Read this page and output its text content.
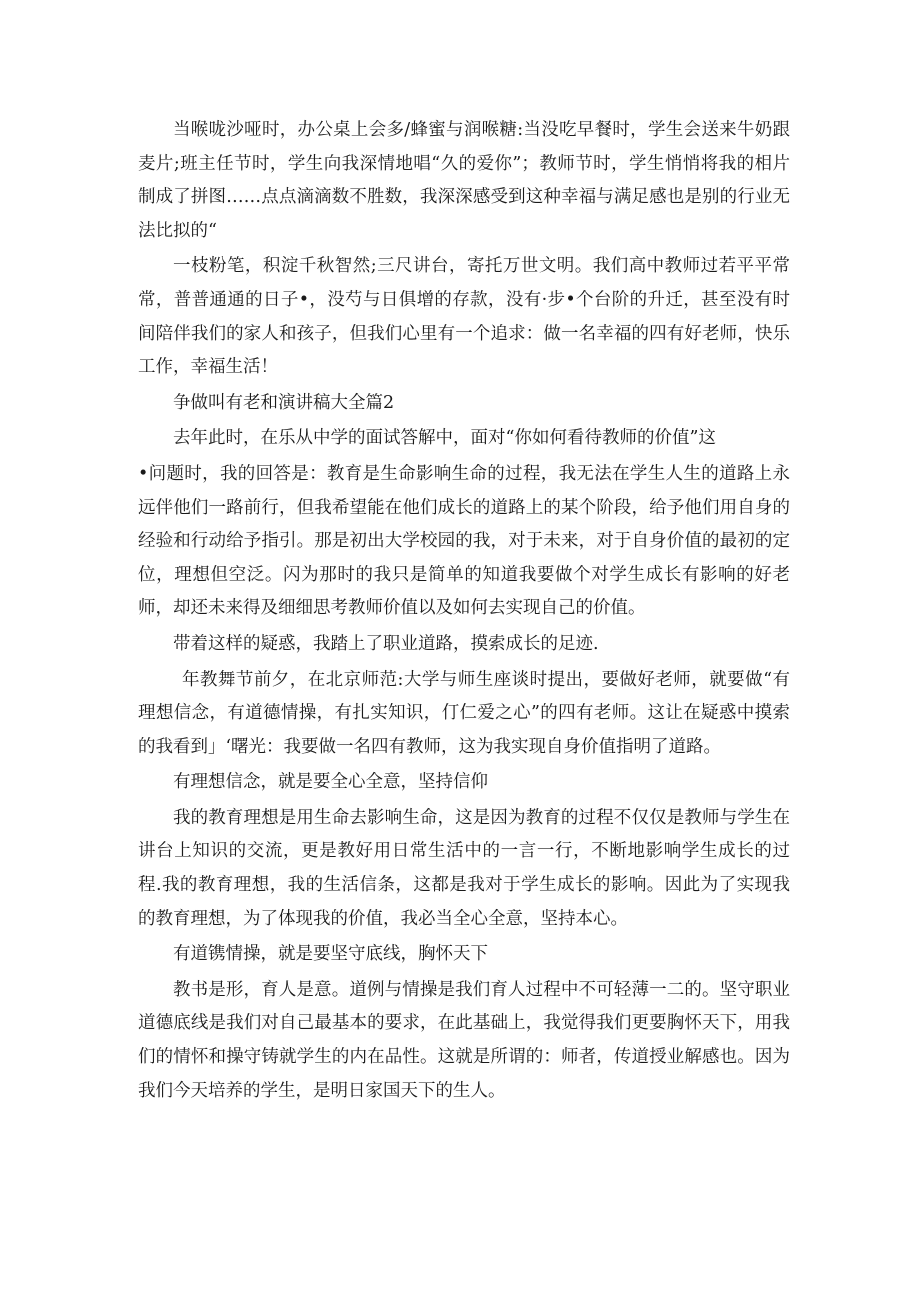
当喉咙沙哑时，办公桌上会多/蜂蜜与润喉糖:当没吃早餐时，学生会送来牛奶跟麦片;班主任节时，学生向我深情地唱“久的爱你”；教师节时，学生悄悄将我的相片制成了拼图……点点滴滴数不胜数，我深深感受到这种幸福与满足感也是别的行业无法比拟的“

一枝粉笔，积淀千秋智然;三尺讲台，寄托万世文明。我们高中教师过若平平常常，普普通通的日子•，没芍与日俱增的存款，没有·步•个台阶的升迁，甚至没有时间陪伴我们的家人和孩子，但我们心里有一个追求：做一名幸福的四有好老师，快乐工作，幸福生活！

争做叫有老和演讲稿大全篇2

去年此时，在乐从中学的面试答解中，面对“你如何看待教师的价值”这

•问题时，我的回答是：教育是生命影响生命的过程，我无法在学生人生的道路上永远伴他们一路前行，但我希望能在他们成长的道路上的某个阶段，给予他们用自身的经验和行动给予指引。那是初出大学校园的我，对于未来，对于自身价值的最初的定位，理想但空泛。闪为那时的我只是简单的知道我要做个对学生成长有影响的好老师，却还未来得及细细思考教师价值以及如何去实现自己的价值。

带着这样的疑惑，我踏上了职业道路，摸索成长的足迹.

年教舞节前夕，在北京师范:大学与师生座谈时提出，要做好老师，就要做“有理想信念，有道德情操，有扎实知识，仃仁爱之心”的四有老师。这让在疑惑中摸索的我看到」‘曙光：我要做一名四有教师，这为我实现自身价值指明了道路。

有理想信念，就是要全心全意，坚持信仰

我的教育理想是用生命去影响生命，这是因为教育的过程不仅仅是教师与学生在讲台上知识的交流，更是教好用日常生活中的一言一行，不断地影响学生成长的过程.我的教育理想，我的生活信条，这都是我对于学生成长的影响。因此为了实现我的教育理想，为了体现我的价值，我必当全心全意，坚持本心。

有道镌情操，就是要坚守底线，胸怀天下

教书是形，育人是意。道例与情操是我们育人过程中不可轻薄一二的。坚守职业道德底线是我们对自己最基本的要求，在此基础上，我觉得我们更要胸怀天下，用我们的情怀和操守铸就学生的内在品性。这就是所谓的：师者，传道授业解感也。因为我们今天培养的学生，是明日家国天下的生人。
